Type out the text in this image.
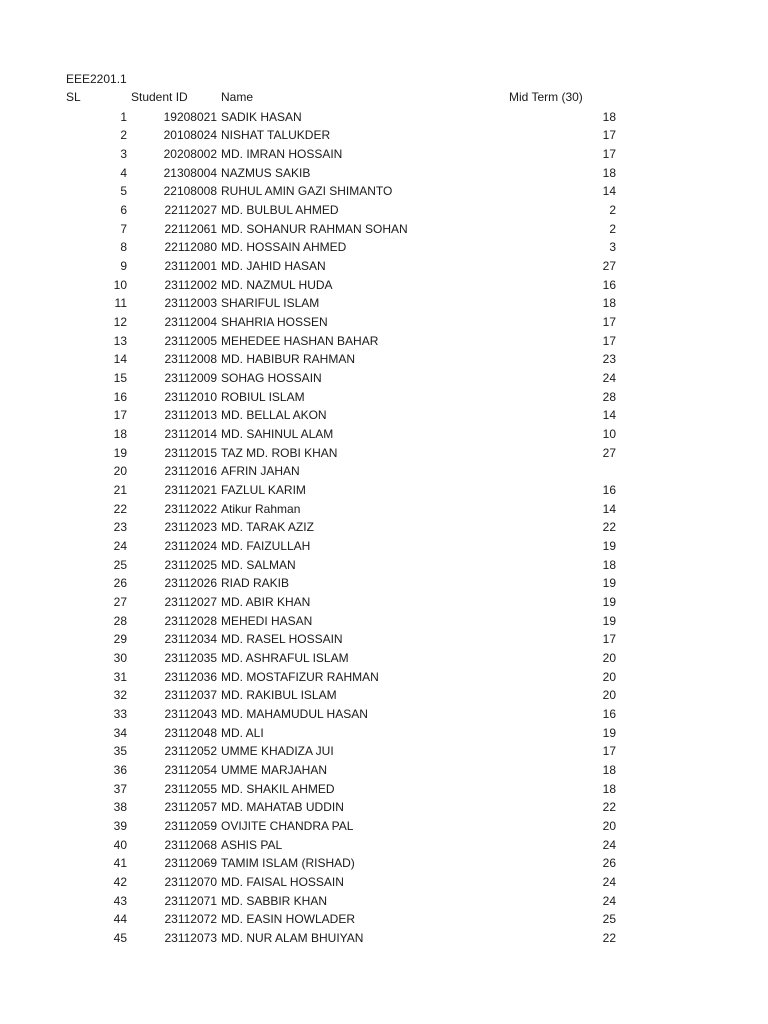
EEE2201.1
SL	Student ID	Name	Mid Term (30)
1	19208021 SADIK HASAN	18
2	20108024 NISHAT TALUKDER	17
3	20208002 MD. IMRAN HOSSAIN	17
4	21308004 NAZMUS SAKIB	18
5	22108008 RUHUL AMIN GAZI SHIMANTO	14
6	22112027 MD. BULBUL AHMED	2
7	22112061 MD. SOHANUR RAHMAN SOHAN	2
8	22112080 MD. HOSSAIN AHMED	3
9	23112001 MD. JAHID HASAN	27
10	23112002 MD. NAZMUL HUDA	16
11	23112003 SHARIFUL ISLAM	18
12	23112004 SHAHRIA HOSSEN	17
13	23112005 MEHEDEE HASHAN BAHAR	17
14	23112008 MD. HABIBUR RAHMAN	23
15	23112009 SOHAG HOSSAIN	24
16	23112010 ROBIUL ISLAM	28
17	23112013 MD. BELLAL AKON	14
18	23112014 MD. SAHINUL ALAM	10
19	23112015 TAZ MD. ROBI KHAN	27
20	23112016 AFRIN JAHAN
21	23112021 FAZLUL KARIM	16
22	23112022 Atikur Rahman	14
23	23112023 MD. TARAK AZIZ	22
24	23112024 MD. FAIZULLAH	19
25	23112025 MD. SALMAN	18
26	23112026 RIAD RAKIB	19
27	23112027 MD. ABIR KHAN	19
28	23112028 MEHEDI HASAN	19
29	23112034 MD. RASEL HOSSAIN	17
30	23112035 MD. ASHRAFUL ISLAM	20
31	23112036 MD. MOSTAFIZUR RAHMAN	20
32	23112037 MD. RAKIBUL ISLAM	20
33	23112043 MD. MAHAMUDUL HASAN	16
34	23112048 MD. ALI	19
35	23112052 UMME KHADIZA JUI	17
36	23112054 UMME MARJAHAN	18
37	23112055 MD. SHAKIL AHMED	18
38	23112057 MD. MAHATAB UDDIN	22
39	23112059 OVIJITE CHANDRA PAL	20
40	23112068 ASHIS PAL	24
41	23112069 TAMIM ISLAM (RISHAD)	26
42	23112070 MD. FAISAL HOSSAIN	24
43	23112071 MD. SABBIR KHAN	24
44	23112072 MD. EASIN HOWLADER	25
45	23112073 MD. NUR ALAM BHUIYAN	22
